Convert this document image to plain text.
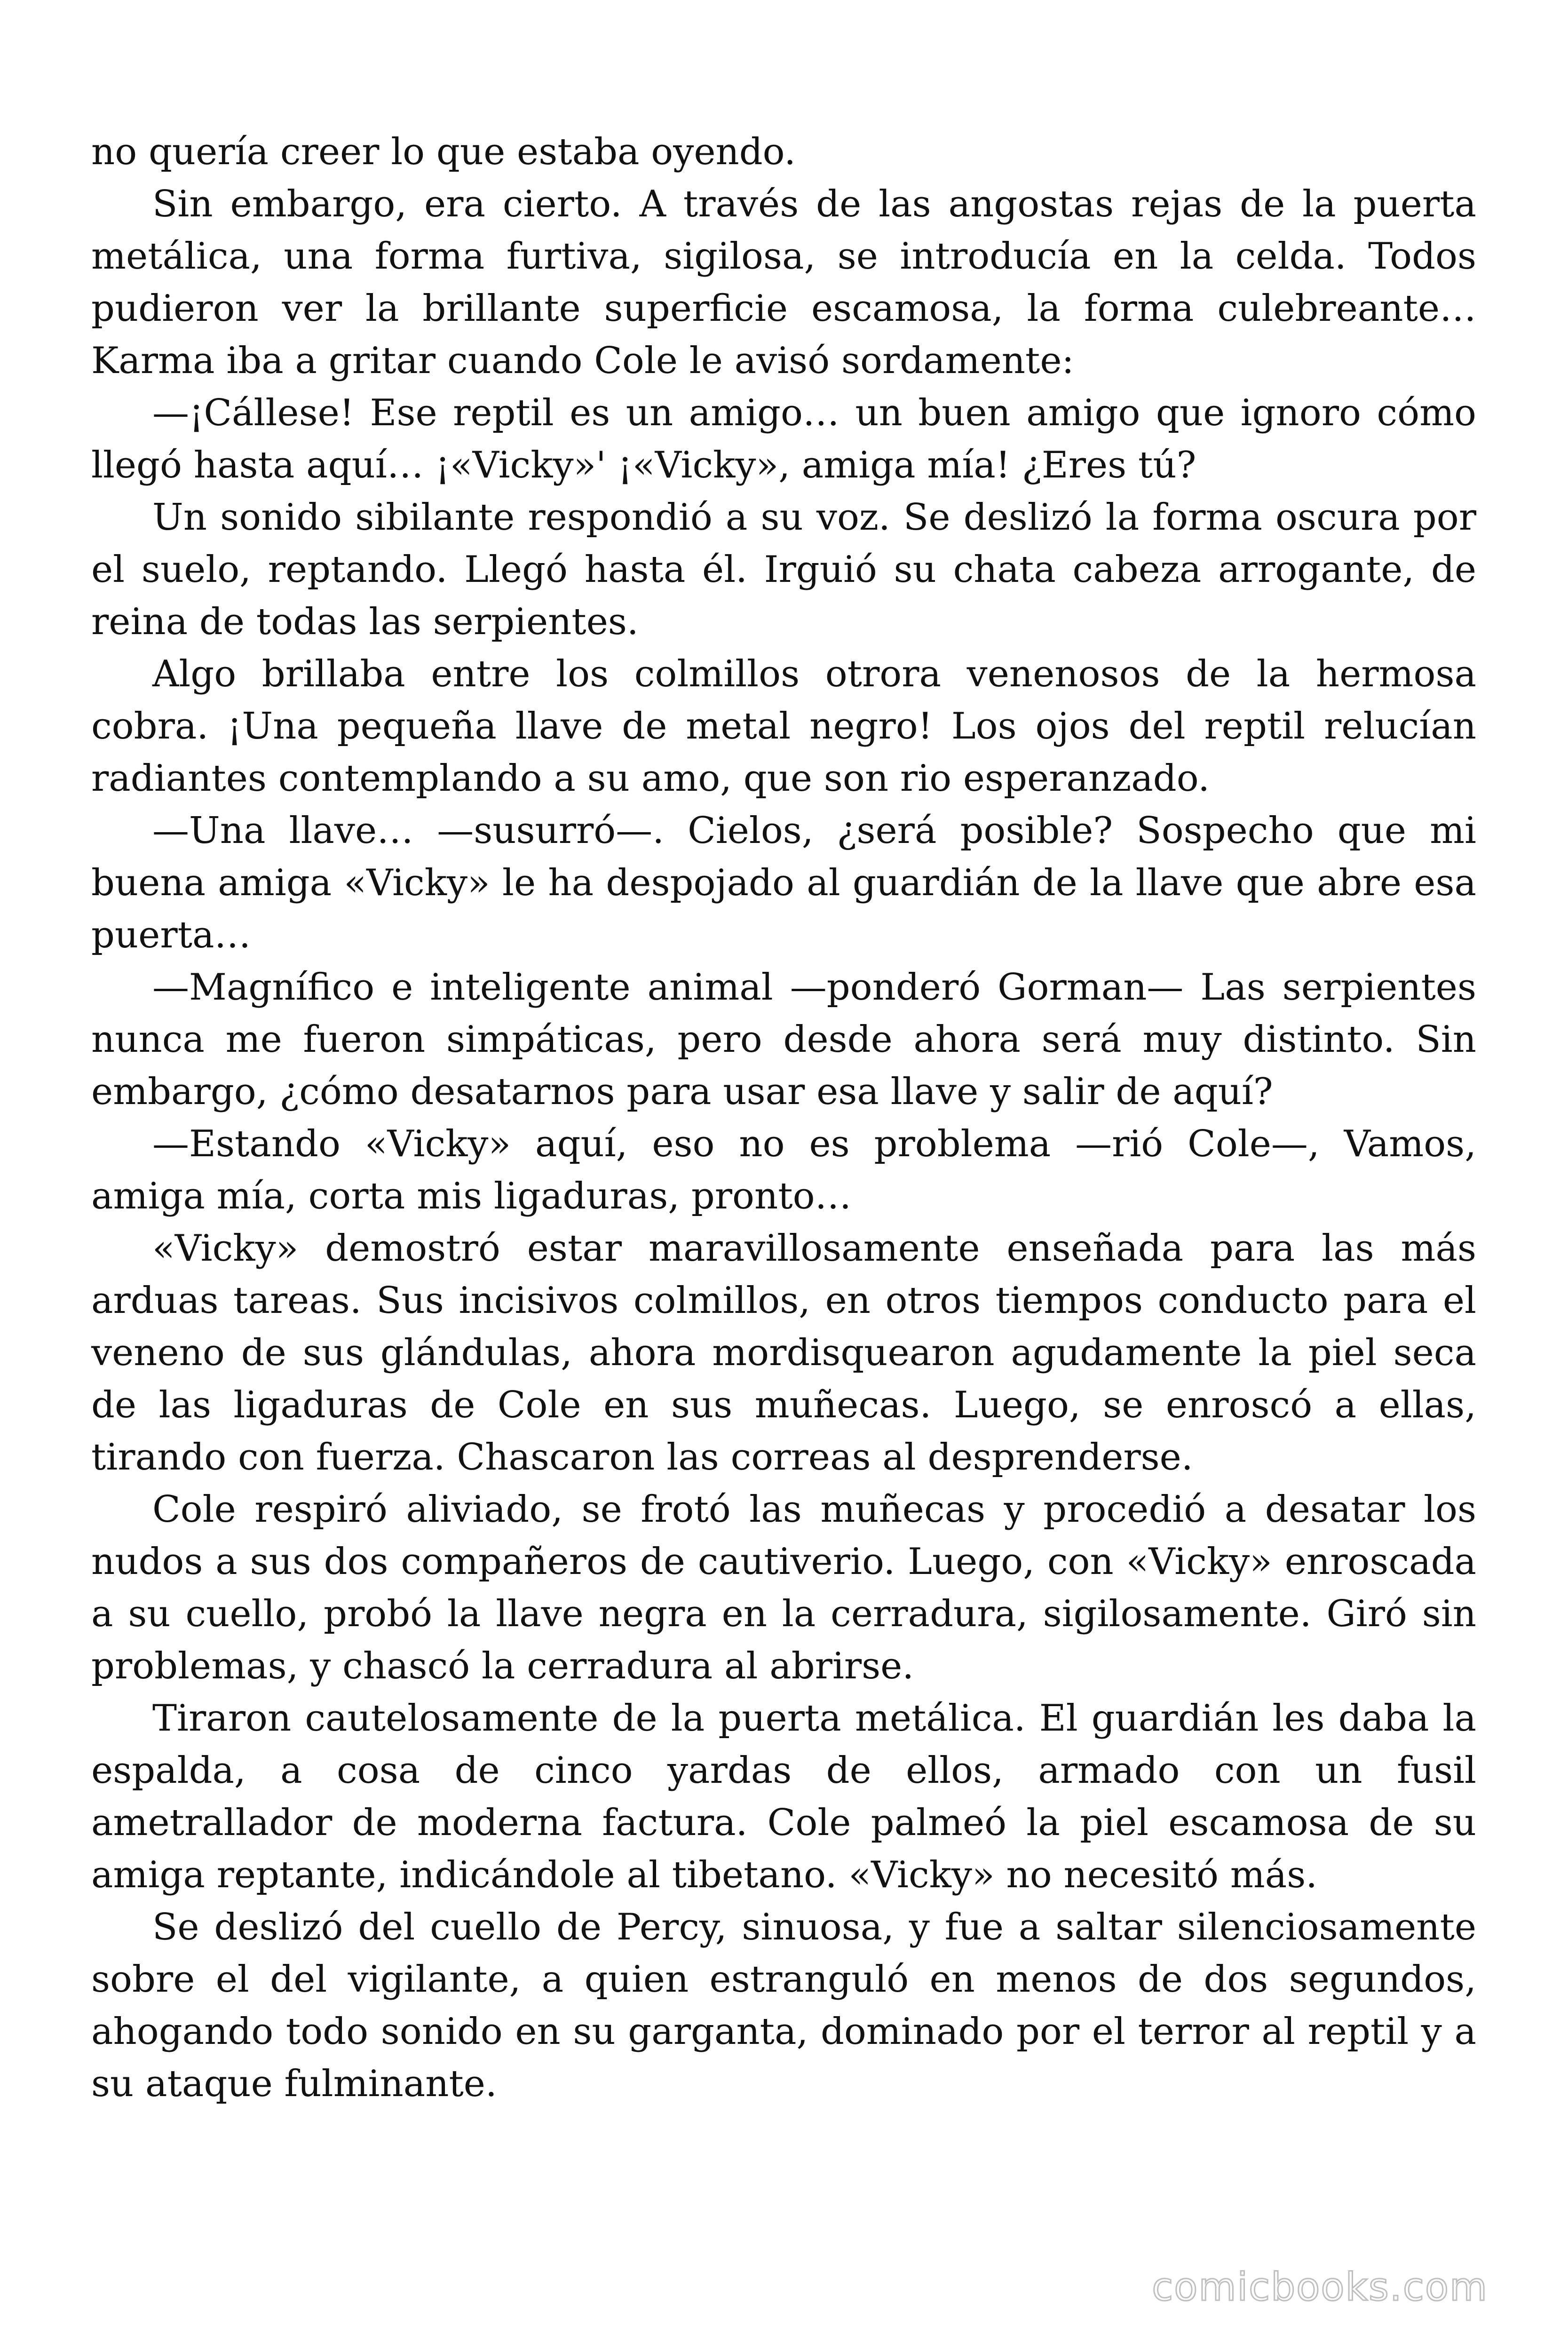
no quería creer lo que estaba oyendo.

Sin embargo, era cierto. A través de las angostas rejas de la puerta metálica, una forma furtiva, sigilosa, se introducía en la celda. Todos pudieron ver la brillante superficie escamosa, la forma culebreante… Karma iba a gritar cuando Cole le avisó sordamente:

—¡Cállese! Ese reptil es un amigo… un buen amigo que ignoro cómo llegó hasta aquí… ¡«Vicky»' ¡«Vicky», amiga mía! ¿Eres tú?

Un sonido sibilante respondió a su voz. Se deslizó la forma oscura por el suelo, reptando. Llegó hasta él. Irguió su chata cabeza arrogante, de reina de todas las serpientes.

Algo brillaba entre los colmillos otrora venenosos de la hermosa cobra. ¡Una pequeña llave de metal negro! Los ojos del reptil relucían radiantes contemplando a su amo, que son rio esperanzado.

—Una llave… —susurró—. Cielos, ¿será posible? Sospecho que mi buena amiga «Vicky» le ha despojado al guardián de la llave que abre esa puerta…

—Magnífico e inteligente animal —ponderó Gorman— Las serpientes nunca me fueron simpáticas, pero desde ahora será muy distinto. Sin embargo, ¿cómo desatarnos para usar esa llave y salir de aquí?

—Estando «Vicky» aquí, eso no es problema —rió Cole—, Vamos, amiga mía, corta mis ligaduras, pronto…

«Vicky» demostró estar maravillosamente enseñada para las más arduas tareas. Sus incisivos colmillos, en otros tiempos conducto para el veneno de sus glándulas, ahora mordisquearon agudamente la piel seca de las ligaduras de Cole en sus muñecas. Luego, se enroscó a ellas, tirando con fuerza. Chascaron las correas al desprenderse.

Cole respiró aliviado, se frotó las muñecas y procedió a desatar los nudos a sus dos compañeros de cautiverio. Luego, con «Vicky» enroscada a su cuello, probó la llave negra en la cerradura, sigilosamente. Giró sin problemas, y chascó la cerradura al abrirse.

Tiraron cautelosamente de la puerta metálica. El guardián les daba la espalda, a cosa de cinco yardas de ellos, armado con un fusil ametrallador de moderna factura. Cole palmeó la piel escamosa de su amiga reptante, indicándole al tibetano. «Vicky» no necesitó más.

Se deslizó del cuello de Percy, sinuosa, y fue a saltar silenciosamente sobre el del vigilante, a quien estranguló en menos de dos segundos, ahogando todo sonido en su garganta, dominado por el terror al reptil y a su ataque fulminante.

comicbooks.com
